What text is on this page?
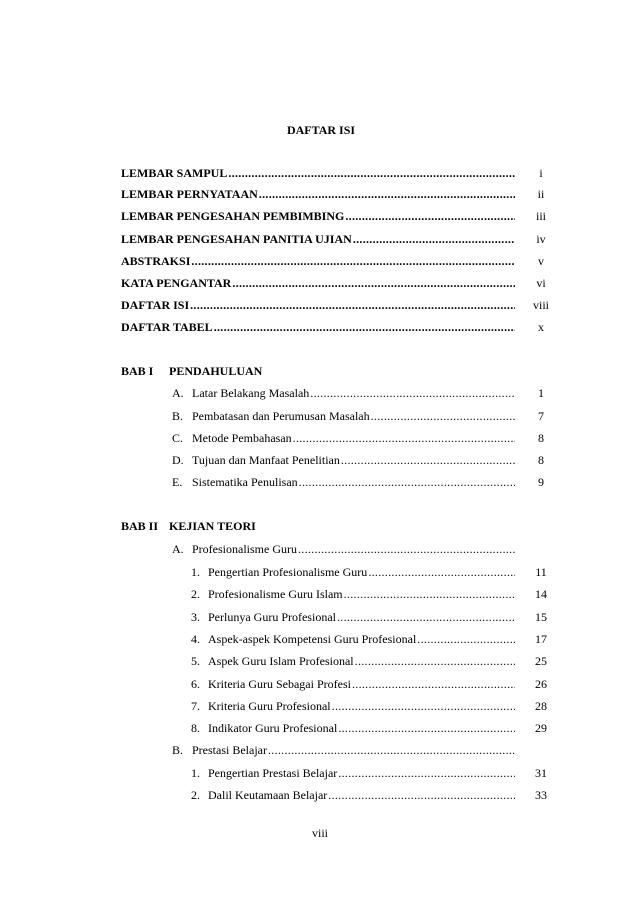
DAFTAR ISI
LEMBAR SAMPUL .....	i
LEMBAR PERNYATAAN .....	ii
LEMBAR PENGESAHAN PEMBIMBING .....	iii
LEMBAR PENGESAHAN PANITIA UJIAN .....	iv
ABSTRAKSI .....	v
KATA PENGANTAR .....	vi
DAFTAR ISI .....	viii
DAFTAR TABEL .....	x
BAB I PENDAHULUAN
A. Latar Belakang Masalah .....	1
B. Pembatasan dan Perumusan Masalah .....	7
C. Metode Pembahasan .....	8
D. Tujuan dan Manfaat Penelitian .....	8
E. Sistematika Penulisan .....	9
BAB II KEJIAN TEORI
A. Profesionalisme Guru
.....
1. Pengertian Profesionalisme Guru .....	11
2. Profesionalisme Guru Islam .....	14
3. Perlunya Guru Profesional .....	15
4. Aspek-aspek Kompetensi Guru Profesional .....	17
5. Aspek Guru Islam Profesional .....	25
6. Kriteria Guru Sebagai Profesi .....	26
7. Kriteria Guru Profesional .....	28
8. Indikator Guru Profesional .....	29
B. Prestasi Belajar
.....
1. Pengertian Prestasi Belajar .....	31
2. Dalil Keutamaan Belajar .....	33
viii
